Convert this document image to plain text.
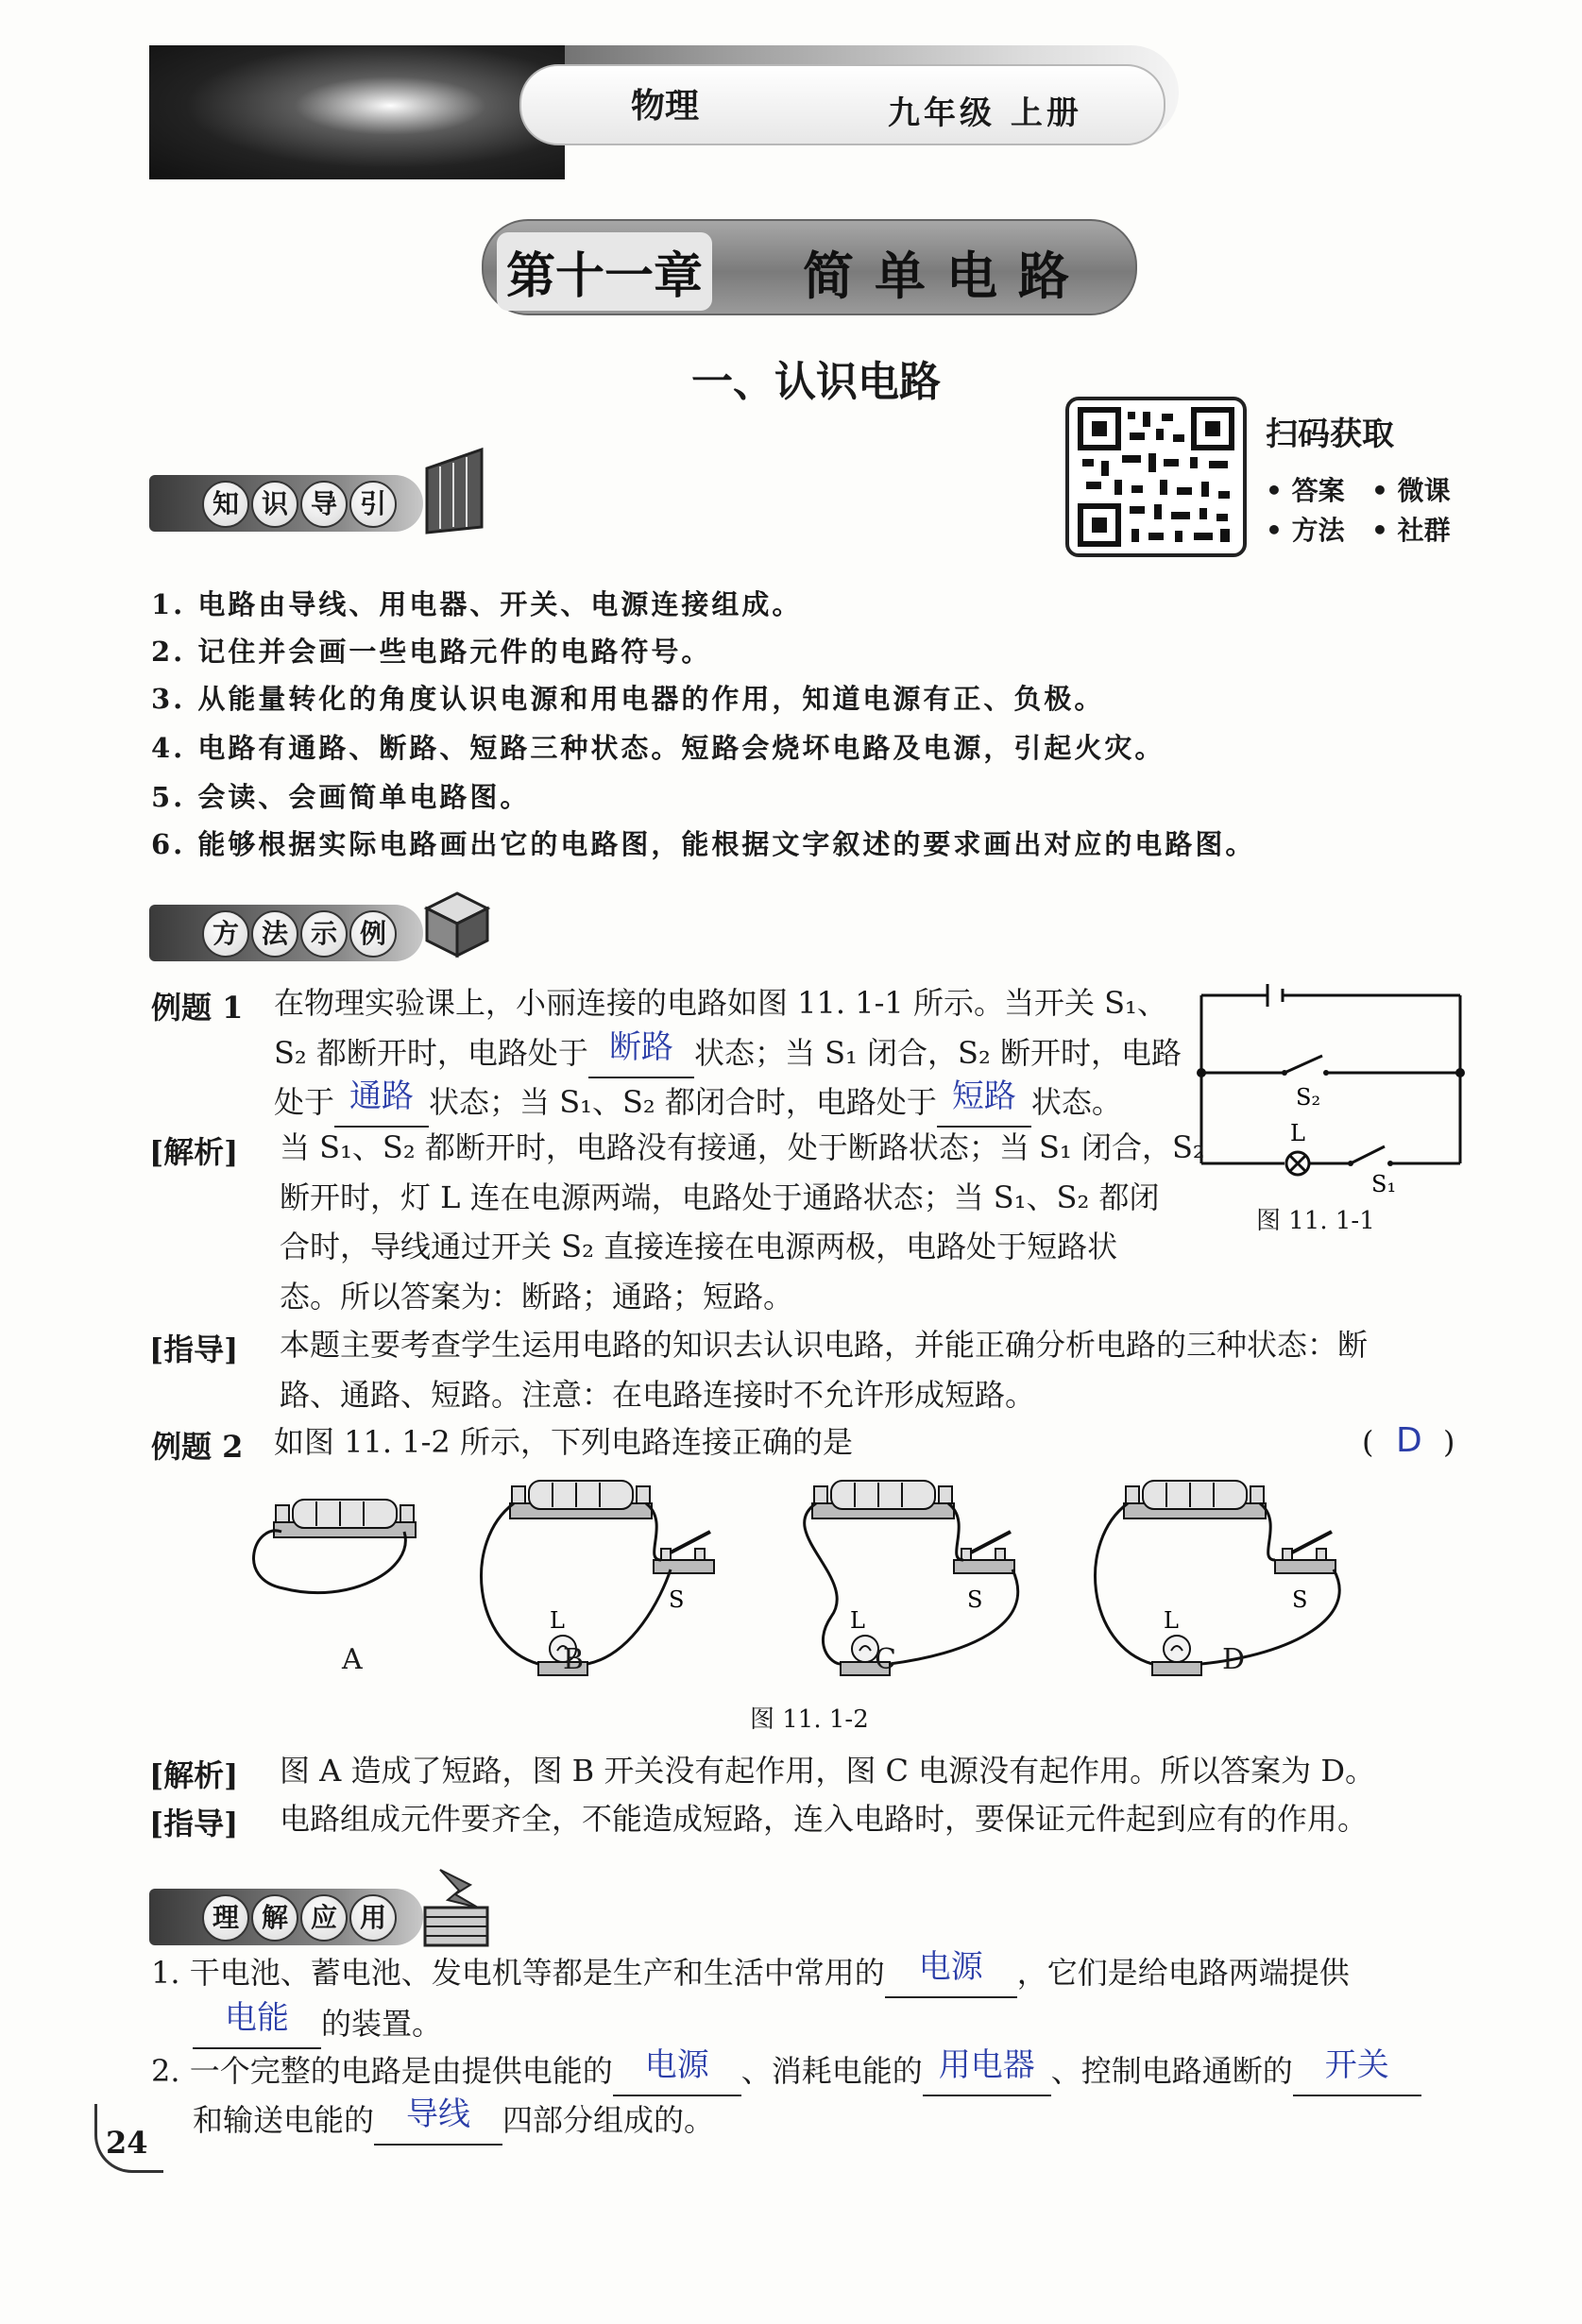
物理	九年级 上册
第十一章 简单电路
一、认识电路
扫码获取
• 答案 • 微课
• 方法 • 社群
知 识 导 引
1. 电路由导线、用电器、开关、电源连接组成。
2. 记住并会画一些电路元件的电路符号。
3. 从能量转化的角度认识电源和用电器的作用，知道电源有正、负极。
4. 电路有通路、断路、短路三种状态。短路会烧坏电路及电源，引起火灾。
5. 会读、会画简单电路图。
6. 能够根据实际电路画出它的电路图，能根据文字叙述的要求画出对应的电路图。
方 法 示 例
例题 1 在物理实验课上，小丽连接的电路如图 11. 1-1 所示。当开关 S₁、
S₂ 都断开时，电路处于 断路 状态；当 S₁ 闭合，S₂ 断开时，电路
处于 通路 状态；当 S₁、S₂ 都闭合时，电路处于 短路 状态。	S₂
L
S₁
图 11. 1-1
[解析] 当 S₁、S₂ 都断开时，电路没有接通，处于断路状态；当 S₁ 闭合，S₂
断开时，灯 L 连在电源两端，电路处于通路状态；当 S₁、S₂ 都闭
合时，导线通过开关 S₂ 直接连接在电源两极，电路处于短路状
态。所以答案为：断路；通路；短路。
[指导] 本题主要考查学生运用电路的知识去认识电路，并能正确分析电路的三种状态：断
路、通路、短路。注意：在电路连接时不允许形成短路。
例题 2 如图 11. 1-2 所示，下列电路连接正确的是	( D )
L
S
L
S
L
S
A	B	C	D
图 11. 1-2
[解析] 图 A 造成了短路，图 B 开关没有起作用，图 C 电源没有起作用。所以答案为 D。
[指导] 电路组成元件要齐全，不能造成短路，连入电路时，要保证元件起到应有的作用。
理 解 应 用
1. 干电池、蓄电池、发电机等都是生产和生活中常用的 电源 ，它们是给电路两端提供
电能 的装置。
2. 一个完整的电路是由提供电能的 电源 、消耗电能的 用电器 、控制电路通断的 开关
和输送电能的 导线 四部分组成的。
24
